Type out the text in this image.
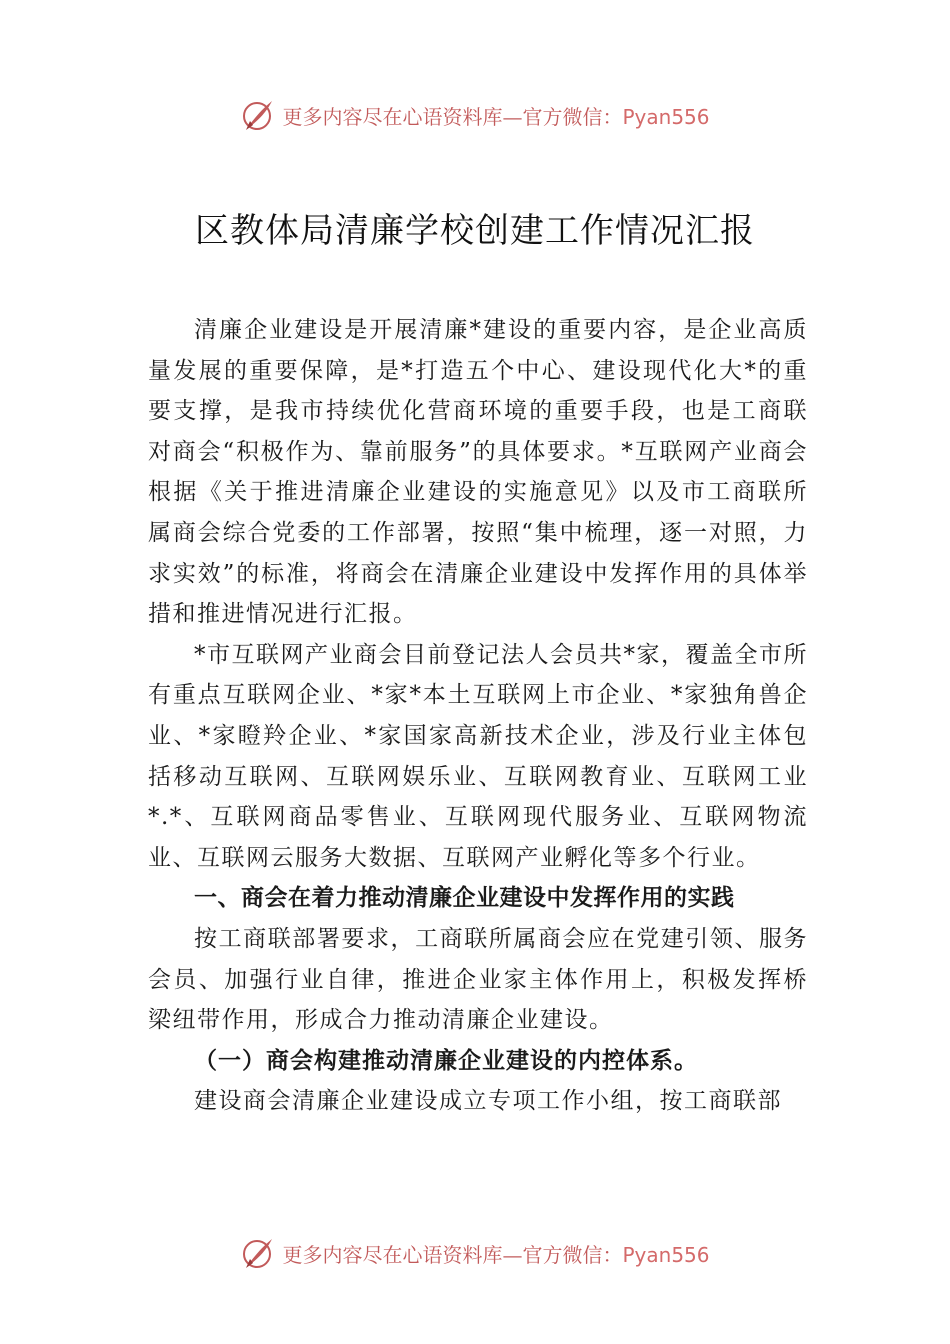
更多内容尽在心语资料库—官方微信：Pyan556
区教体局清廉学校创建工作情况汇报

清廉企业建设是开展清廉*建设的重要内容，是企业高质量发展的重要保障，是*打造五个中心、建设现代化大*的重要支撑，是我市持续优化营商环境的重要手段，也是工商联对商会“积极作为、靠前服务”的具体要求。*互联网产业商会根据《关于推进清廉企业建设的实施意见》以及市工商联所属商会综合党委的工作部署，按照“集中梳理，逐一对照，力求实效”的标准，将商会在清廉企业建设中发挥作用的具体举措和推进情况进行汇报。

*市互联网产业商会目前登记法人会员共*家，覆盖全市所有重点互联网企业、*家*本土互联网上市企业、*家独角兽企业、*家瞪羚企业、*家国家高新技术企业，涉及行业主体包括移动互联网、互联网娱乐业、互联网教育业、互联网工业*.*、互联网商品零售业、互联网现代服务业、互联网物流业、互联网云服务大数据、互联网产业孵化等多个行业。

一、商会在着力推动清廉企业建设中发挥作用的实践

按工商联部署要求，工商联所属商会应在党建引领、服务会员、加强行业自律，推进企业家主体作用上，积极发挥桥梁纽带作用，形成合力推动清廉企业建设。

（一）商会构建推动清廉企业建设的内控体系。

建设商会清廉企业建设成立专项工作小组，按工商联部

更多内容尽在心语资料库—官方微信：Pyan556
